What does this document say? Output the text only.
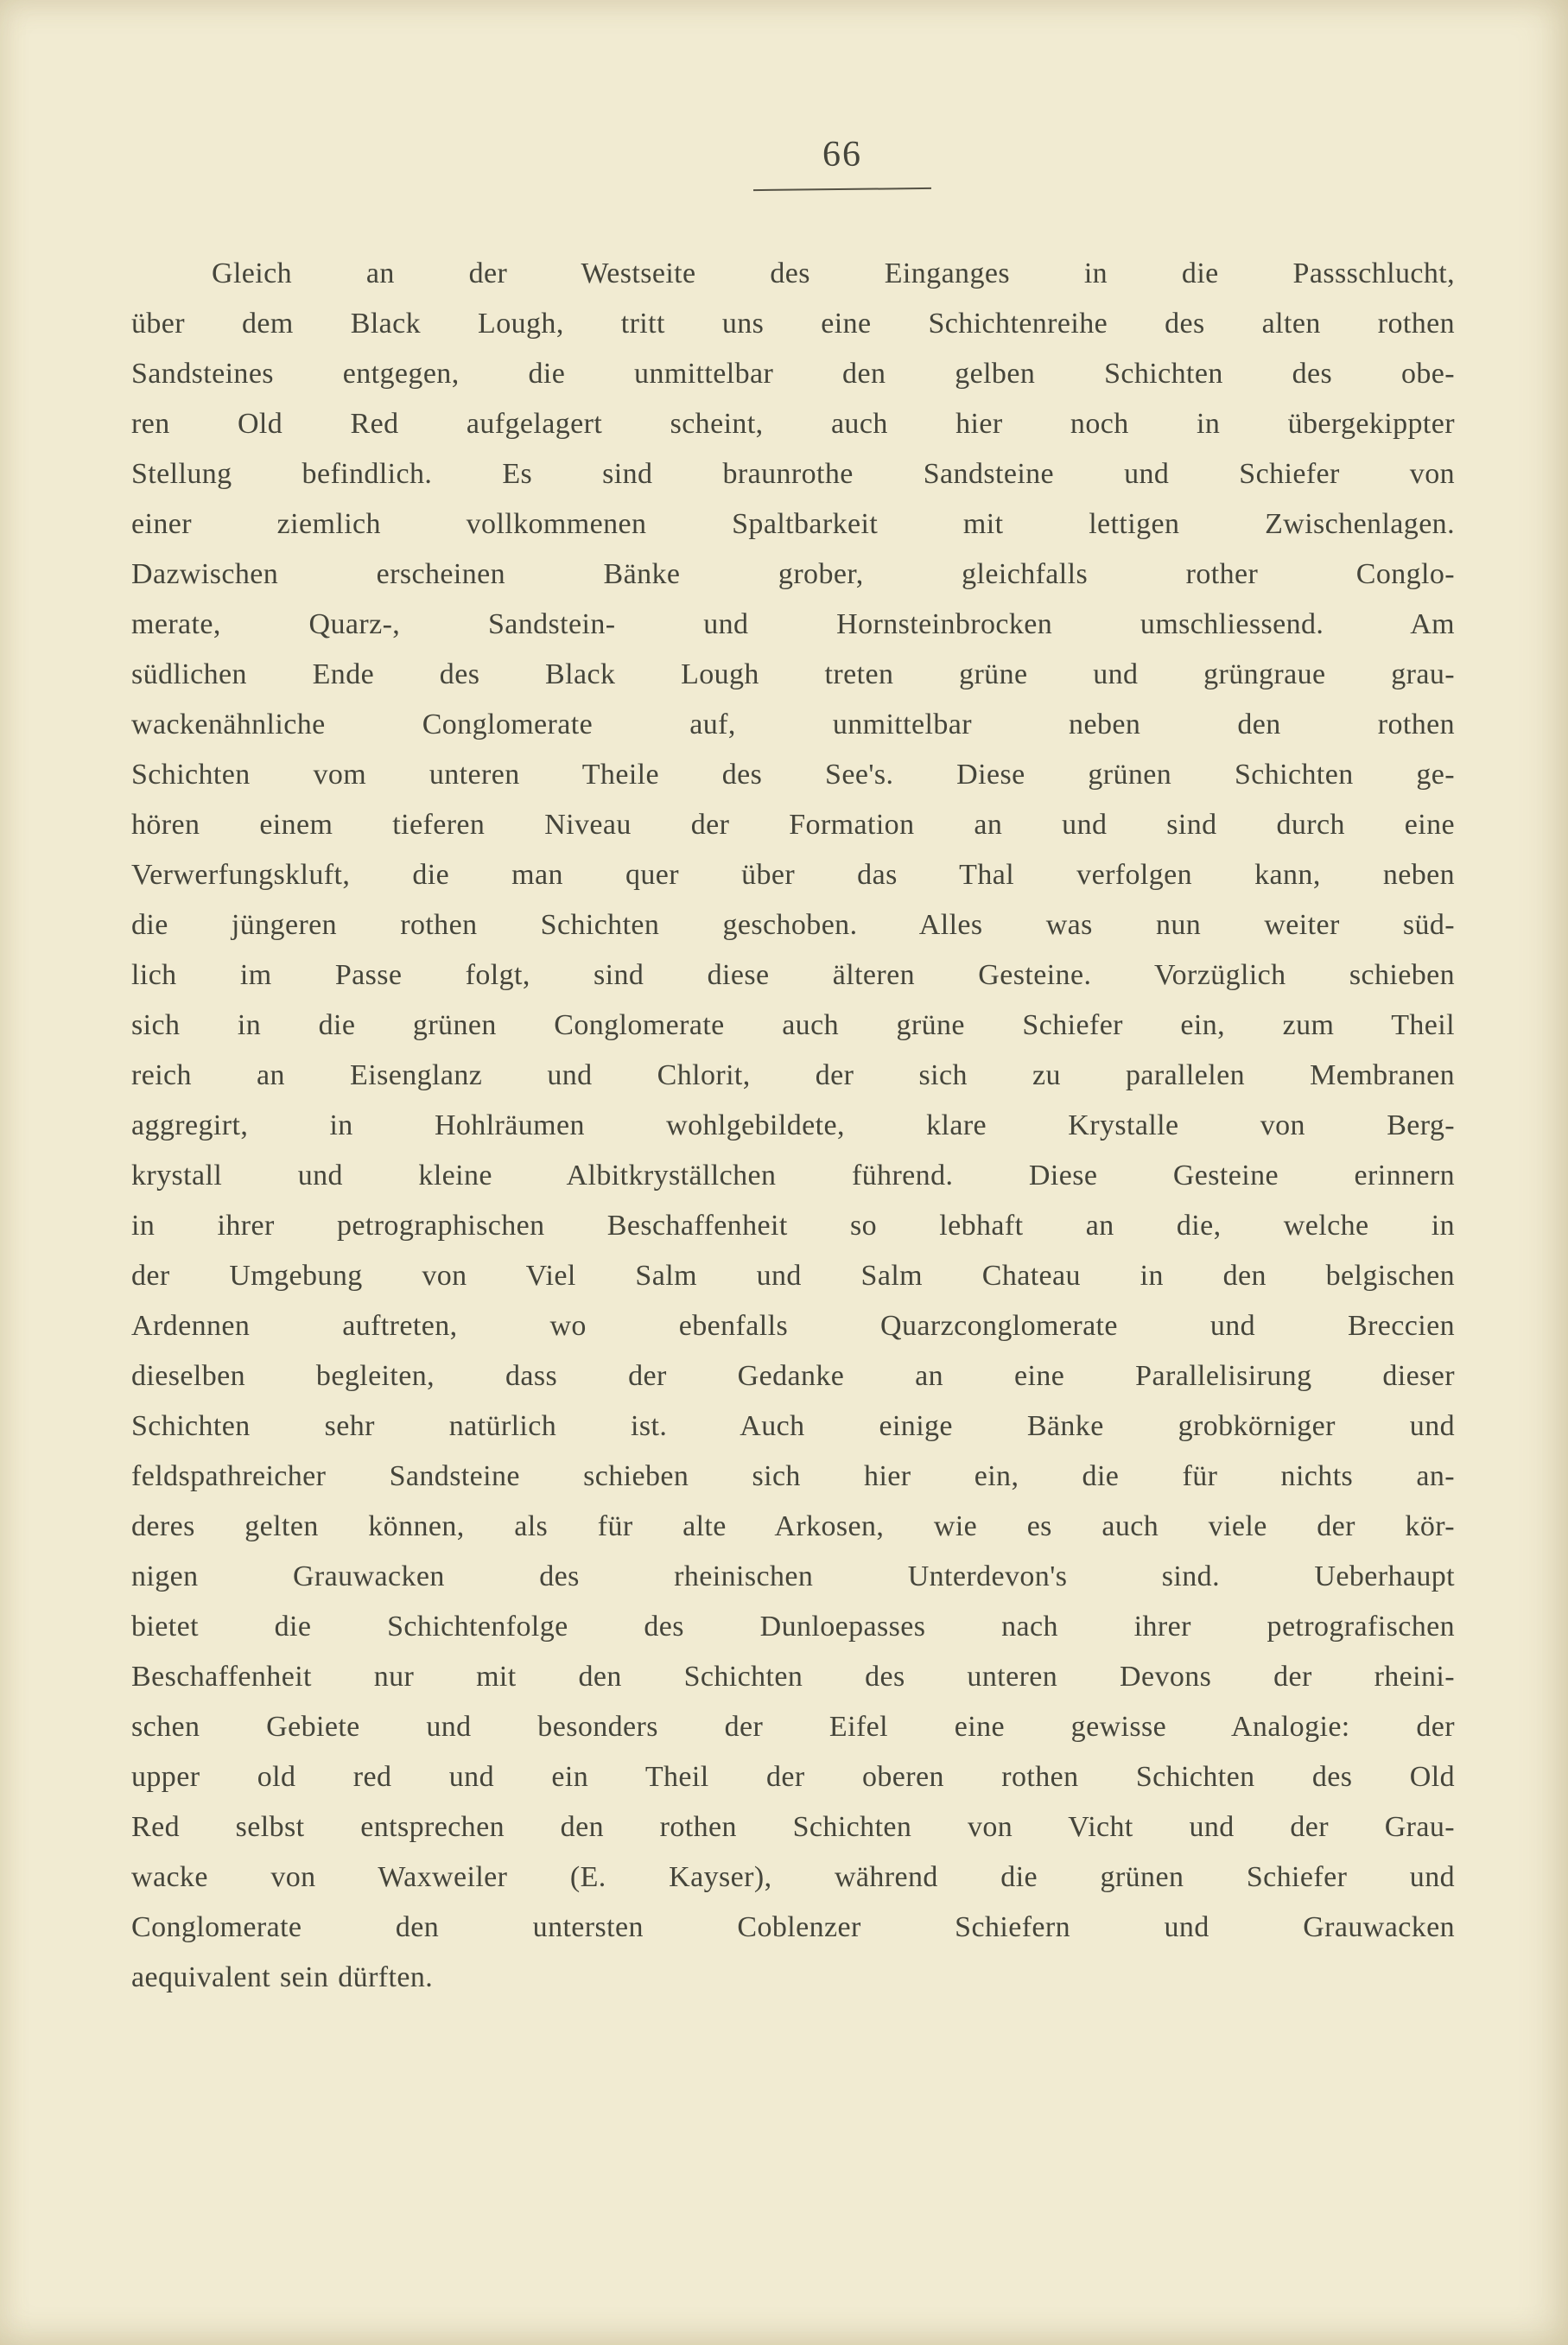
66
Gleich an der Westseite des Einganges in die Passschlucht,
über dem Black Lough, tritt uns eine Schichtenreihe des alten rothen
Sandsteines entgegen, die unmittelbar den gelben Schichten des obe-
ren Old Red aufgelagert scheint, auch hier noch in übergekippter
Stellung befindlich. Es sind braunrothe Sandsteine und Schiefer von
einer ziemlich vollkommenen Spaltbarkeit mit lettigen Zwischenlagen.
Dazwischen erscheinen Bänke grober, gleichfalls rother Conglo-
merate, Quarz-, Sandstein- und Hornsteinbrocken umschliessend. Am
südlichen Ende des Black Lough treten grüne und grüngraue grau-
wackenähnliche Conglomerate auf, unmittelbar neben den rothen
Schichten vom unteren Theile des See's. Diese grünen Schichten ge-
hören einem tieferen Niveau der Formation an und sind durch eine
Verwerfungskluft, die man quer über das Thal verfolgen kann, neben
die jüngeren rothen Schichten geschoben. Alles was nun weiter süd-
lich im Passe folgt, sind diese älteren Gesteine. Vorzüglich schieben
sich in die grünen Conglomerate auch grüne Schiefer ein, zum Theil
reich an Eisenglanz und Chlorit, der sich zu parallelen Membranen
aggregirt, in Hohlräumen wohlgebildete, klare Krystalle von Berg-
krystall und kleine Albitkryställchen führend. Diese Gesteine erinnern
in ihrer petrographischen Beschaffenheit so lebhaft an die, welche in
der Umgebung von Viel Salm und Salm Chateau in den belgischen
Ardennen auftreten, wo ebenfalls Quarzconglomerate und Breccien
dieselben begleiten, dass der Gedanke an eine Parallelisirung dieser
Schichten sehr natürlich ist. Auch einige Bänke grobkörniger und
feldspathreicher Sandsteine schieben sich hier ein, die für nichts an-
deres gelten können, als für alte Arkosen, wie es auch viele der kör-
nigen Grauwacken des rheinischen Unterdevon's sind. Ueberhaupt
bietet die Schichtenfolge des Dunloepasses nach ihrer petrografischen
Beschaffenheit nur mit den Schichten des unteren Devons der rheini-
schen Gebiete und besonders der Eifel eine gewisse Analogie: der
upper old red und ein Theil der oberen rothen Schichten des Old
Red selbst entsprechen den rothen Schichten von Vicht und der Grau-
wacke von Waxweiler (E. Kayser), während die grünen Schiefer und
Conglomerate den untersten Coblenzer Schiefern und Grauwacken
aequivalent sein dürften.
